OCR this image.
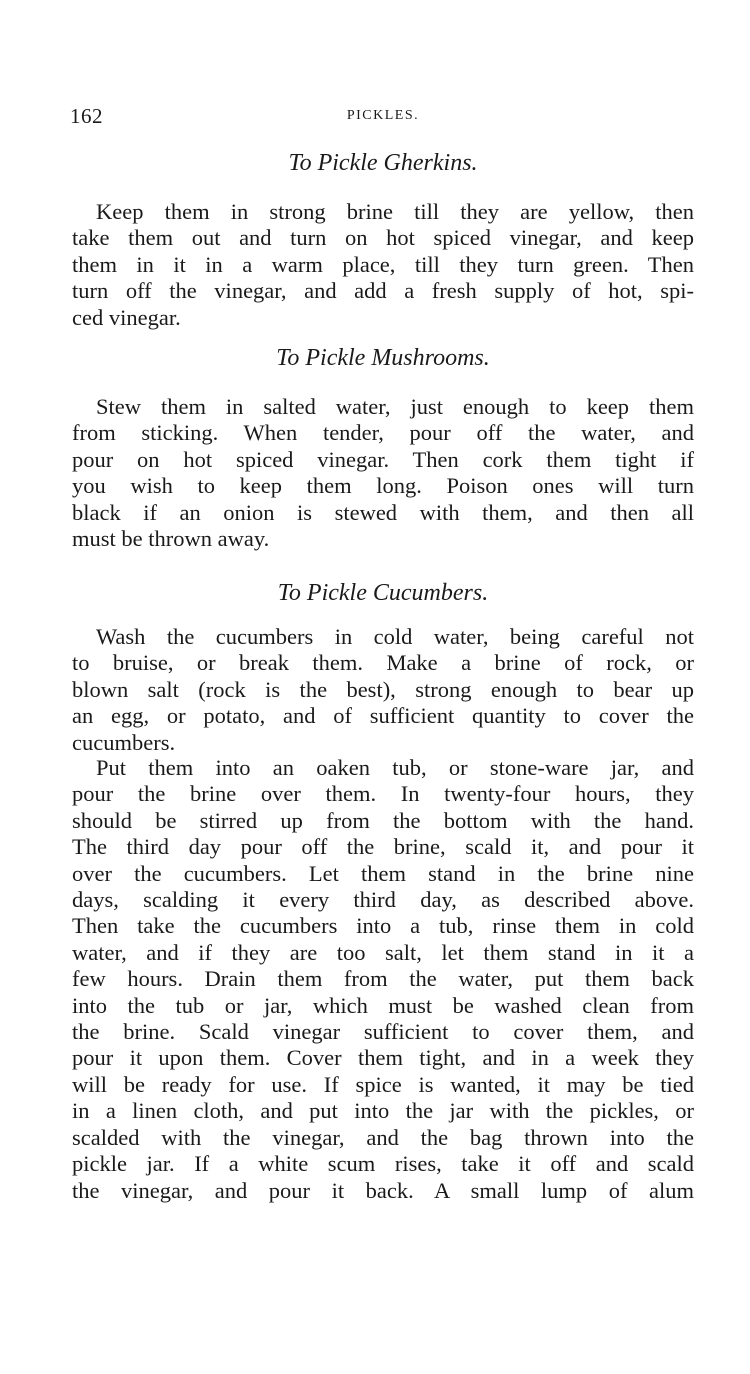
162	PICKLES.
To Pickle Gherkins.
Keep them in strong brine till they are yellow, then
take them out and turn on hot spiced vinegar, and keep
them in it in a warm place, till they turn green. Then
turn off the vinegar, and add a fresh supply of hot, spi-
ced vinegar.
To Pickle Mushrooms.
Stew them in salted water, just enough to keep them
from sticking. When tender, pour off the water, and
pour on hot spiced vinegar. Then cork them tight if
you wish to keep them long. Poison ones will turn
black if an onion is stewed with them, and then all
must be thrown away.
To Pickle Cucumbers.
Wash the cucumbers in cold water, being careful not
to bruise, or break them. Make a brine of rock, or
blown salt (rock is the best), strong enough to bear up
an egg, or potato, and of sufficient quantity to cover the
cucumbers.
Put them into an oaken tub, or stone-ware jar, and
pour the brine over them. In twenty-four hours, they
should be stirred up from the bottom with the hand.
The third day pour off the brine, scald it, and pour it
over the cucumbers. Let them stand in the brine nine
days, scalding it every third day, as described above.
Then take the cucumbers into a tub, rinse them in cold
water, and if they are too salt, let them stand in it a
few hours. Drain them from the water, put them back
into the tub or jar, which must be washed clean from
the brine. Scald vinegar sufficient to cover them, and
pour it upon them. Cover them tight, and in a week they
will be ready for use. If spice is wanted, it may be tied
in a linen cloth, and put into the jar with the pickles, or
scalded with the vinegar, and the bag thrown into the
pickle jar. If a white scum rises, take it off and scald
the vinegar, and pour it back. A small lump of alum
